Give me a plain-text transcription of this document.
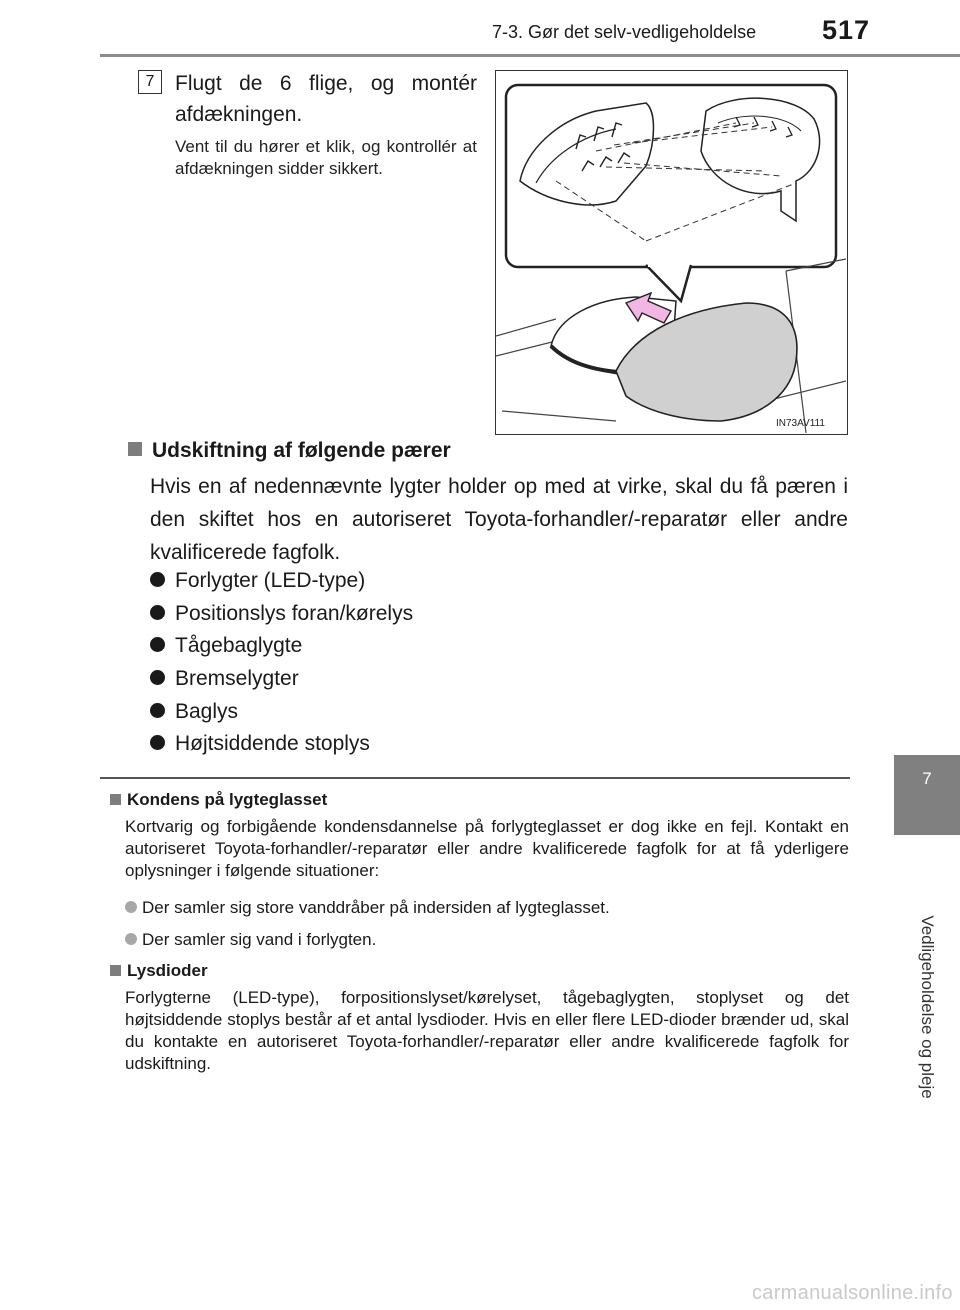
7-3. Gør det selv-vedligeholdelse 517
7
Vedligeholdelse og pleje
7 Flugt de 6 flige, og montér afdækningen.
Vent til du hører et klik, og kontrollér at afdækningen sidder sikkert.
IN73AV111
Udskiftning af følgende pærer
Hvis en af nedennævnte lygter holder op med at virke, skal du få pæren i den skiftet hos en autoriseret Toyota-forhandler/-reparatør eller andre kvalificerede fagfolk.
Forlygter (LED-type)
Positionslys foran/kørelys
Tågebaglygte
Bremselygter
Baglys
Højtsiddende stoplys
Kondens på lygteglasset
Kortvarig og forbigående kondensdannelse på forlygteglasset er dog ikke en fejl. Kontakt en autoriseret Toyota-forhandler/-reparatør eller andre kvalificerede fagfolk for at få yderligere oplysninger i følgende situationer:
Der samler sig store vanddråber på indersiden af lygteglasset.
Der samler sig vand i forlygten.
Lysdioder
Forlygterne (LED-type), forpositionslyset/kørelyset, tågebaglygten, stoplyset og det højtsiddende stoplys består af et antal lysdioder. Hvis en eller flere LED-dioder brænder ud, skal du kontakte en autoriseret Toyota-forhandler/-reparatør eller andre kvalificerede fagfolk for udskiftning.
carmanualsonline.info
